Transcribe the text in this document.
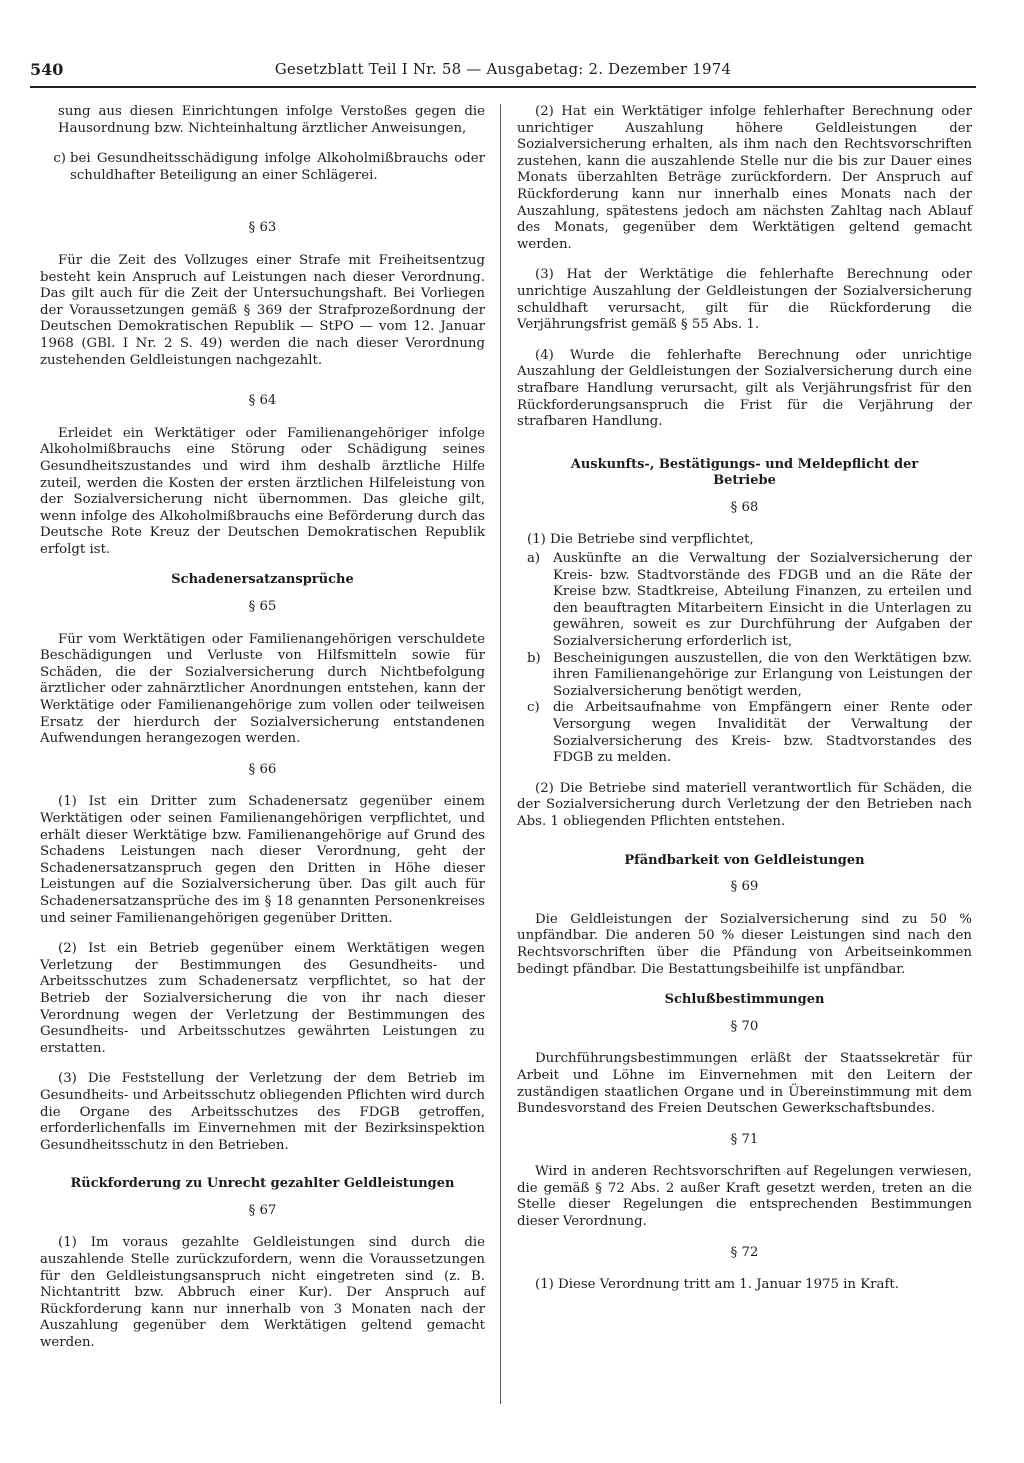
540	Gesetzblatt Teil I Nr. 58 — Ausgabetag: 2. Dezember 1974

sung aus diesen Einrichtungen infolge Verstoßes gegen die Hausordnung bzw. Nichteinhaltung ärztlicher Anweisungen,

c) bei Gesundheitsschädigung infolge Alkoholmißbrauchs oder schuldhafter Beteiligung an einer Schlägerei.
§ 63

Für die Zeit des Vollzuges einer Strafe mit Freiheitsentzug besteht kein Anspruch auf Leistungen nach dieser Verordnung. Das gilt auch für die Zeit der Untersuchungshaft. Bei Vorliegen der Voraussetzungen gemäß § 369 der Strafprozeßordnung der Deutschen Demokratischen Republik — StPO — vom 12. Januar 1968 (GBl. I Nr. 2 S. 49) werden die nach dieser Verordnung zustehenden Geldleistungen nachgezahlt.

§ 64

Erleidet ein Werktätiger oder Familienangehöriger infolge Alkoholmißbrauchs eine Störung oder Schädigung seines Gesundheitszustandes und wird ihm deshalb ärztliche Hilfe zuteil, werden die Kosten der ersten ärztlichen Hilfeleistung von der Sozialversicherung nicht übernommen. Das gleiche gilt, wenn infolge des Alkoholmißbrauchs eine Beförderung durch das Deutsche Rote Kreuz der Deutschen Demokratischen Republik erfolgt ist.

Schadenersatzansprüche
§ 65

Für vom Werktätigen oder Familienangehörigen verschuldete Beschädigungen und Verluste von Hilfsmitteln sowie für Schäden, die der Sozialversicherung durch Nichtbefolgung ärztlicher oder zahnärztlicher Anordnungen entstehen, kann der Werktätige oder Familienangehörige zum vollen oder teilweisen Ersatz der hierdurch der Sozialversicherung entstandenen Aufwendungen herangezogen werden.

§ 66

(1) Ist ein Dritter zum Schadenersatz gegenüber einem Werktätigen oder seinen Familienangehörigen verpflichtet, und erhält dieser Werktätige bzw. Familienangehörige auf Grund des Schadens Leistungen nach dieser Verordnung, geht der Schadenersatzanspruch gegen den Dritten in Höhe dieser Leistungen auf die Sozialversicherung über. Das gilt auch für Schadenersatzansprüche des im § 18 genannten Personenkreises und seiner Familienangehörigen gegenüber Dritten.

(2) Ist ein Betrieb gegenüber einem Werktätigen wegen Verletzung der Bestimmungen des Gesundheits- und Arbeitsschutzes zum Schadenersatz verpflichtet, so hat der Betrieb der Sozialversicherung die von ihr nach dieser Verordnung wegen der Verletzung der Bestimmungen des Gesundheits- und Arbeitsschutzes gewährten Leistungen zu erstatten.

(3) Die Feststellung der Verletzung der dem Betrieb im Gesundheits- und Arbeitsschutz obliegenden Pflichten wird durch die Organe des Arbeitsschutzes des FDGB getroffen, erforderlichenfalls im Einvernehmen mit der Bezirksinspektion Gesundheitsschutz in den Betrieben.

Rückforderung zu Unrecht gezahlter Geldleistungen
§ 67

(1) Im voraus gezahlte Geldleistungen sind durch die auszahlende Stelle zurückzufordern, wenn die Voraussetzungen für den Geldleistungsanspruch nicht eingetreten sind (z. B. Nichtantritt bzw. Abbruch einer Kur). Der Anspruch auf Rückforderung kann nur innerhalb von 3 Monaten nach der Auszahlung gegenüber dem Werktätigen geltend gemacht werden.

(2) Hat ein Werktätiger infolge fehlerhafter Berechnung oder unrichtiger Auszahlung höhere Geldleistungen der Sozialversicherung erhalten, als ihm nach den Rechtsvorschriften zustehen, kann die auszahlende Stelle nur die bis zur Dauer eines Monats überzahlten Beträge zurückfordern. Der Anspruch auf Rückforderung kann nur innerhalb eines Monats nach der Auszahlung, spätestens jedoch am nächsten Zahltag nach Ablauf des Monats, gegenüber dem Werktätigen geltend gemacht werden.

(3) Hat der Werktätige die fehlerhafte Berechnung oder unrichtige Auszahlung der Geldleistungen der Sozialversicherung schuldhaft verursacht, gilt für die Rückforderung die Verjährungsfrist gemäß § 55 Abs. 1.

(4) Wurde die fehlerhafte Berechnung oder unrichtige Auszahlung der Geldleistungen der Sozialversicherung durch eine strafbare Handlung verursacht, gilt als Verjährungsfrist für den Rückforderungsanspruch die Frist für die Verjährung der strafbaren Handlung.

Auskunfts-, Bestätigungs- und Meldepflicht der Betriebe
§ 68

(1) Die Betriebe sind verpflichtet,

a) Auskünfte an die Verwaltung der Sozialversicherung der Kreis- bzw. Stadtvorstände des FDGB und an die Räte der Kreise bzw. Stadtkreise, Abteilung Finanzen, zu erteilen und den beauftragten Mitarbeitern Einsicht in die Unterlagen zu gewähren, soweit es zur Durchführung der Aufgaben der Sozialversicherung erforderlich ist,
b) Bescheinigungen auszustellen, die von den Werktätigen bzw. ihren Familienangehörige zur Erlangung von Leistungen der Sozialversicherung benötigt werden,
c)	die Arbeitsaufnahme von Empfängern einer Rente oder Versorgung wegen Invalidität der Verwaltung der Sozialversicherung des Kreis- bzw. Stadtvorstandes des FDGB zu melden.

(2) Die Betriebe sind materiell verantwortlich für Schäden, die der Sozialversicherung durch Verletzung der den Betrieben nach Abs. 1 obliegenden Pflichten entstehen.

Pfändbarkeit von Geldleistungen
§ 69

Die Geldleistungen der Sozialversicherung sind zu 50 % unpfändbar. Die anderen 50 % dieser Leistungen sind nach den Rechtsvorschriften über die Pfändung von Arbeitseinkommen bedingt pfändbar. Die Bestattungsbeihilfe ist unpfändbar.

Schlußbestimmungen
§ 70

Durchführungsbestimmungen erläßt der Staatssekretär für Arbeit und Löhne im Einvernehmen mit den Leitern der zuständigen staatlichen Organe und in Übereinstimmung mit dem Bundesvorstand des Freien Deutschen Gewerkschaftsbundes.

§ 71

Wird in anderen Rechtsvorschriften auf Regelungen verwiesen, die gemäß § 72 Abs. 2 außer Kraft gesetzt werden, treten an die Stelle dieser Regelungen die entsprechenden Bestimmungen dieser Verordnung.

§ 72

(1) Diese Verordnung tritt am 1. Januar 1975 in Kraft.
